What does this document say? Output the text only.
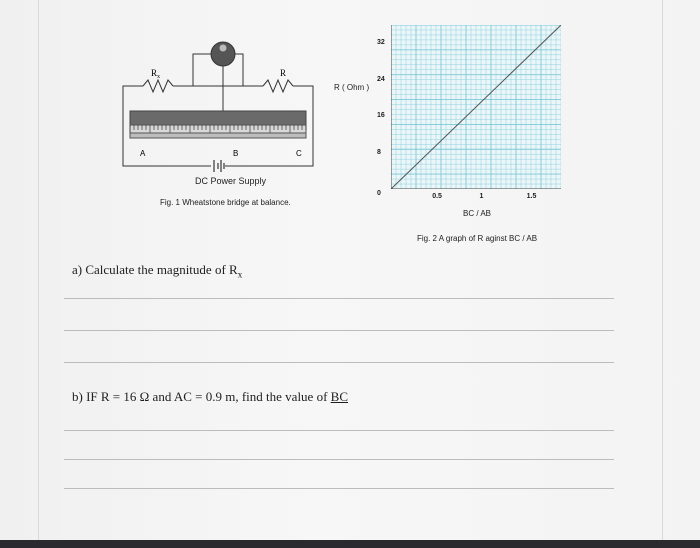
$R_x$	R
A	B	C
DC Power Supply
Fig. 1 Wheatstone bridge at balance.
R ( Ohm )
0
8
16
24
32
0.5	1	1.5
BC / AB
Fig. 2 A graph of R aginst BC / AB
a) Calculate the magnitude of $R_x$
b) IF R = 16 Ω and AC = 0.9 m, find the value of BC
